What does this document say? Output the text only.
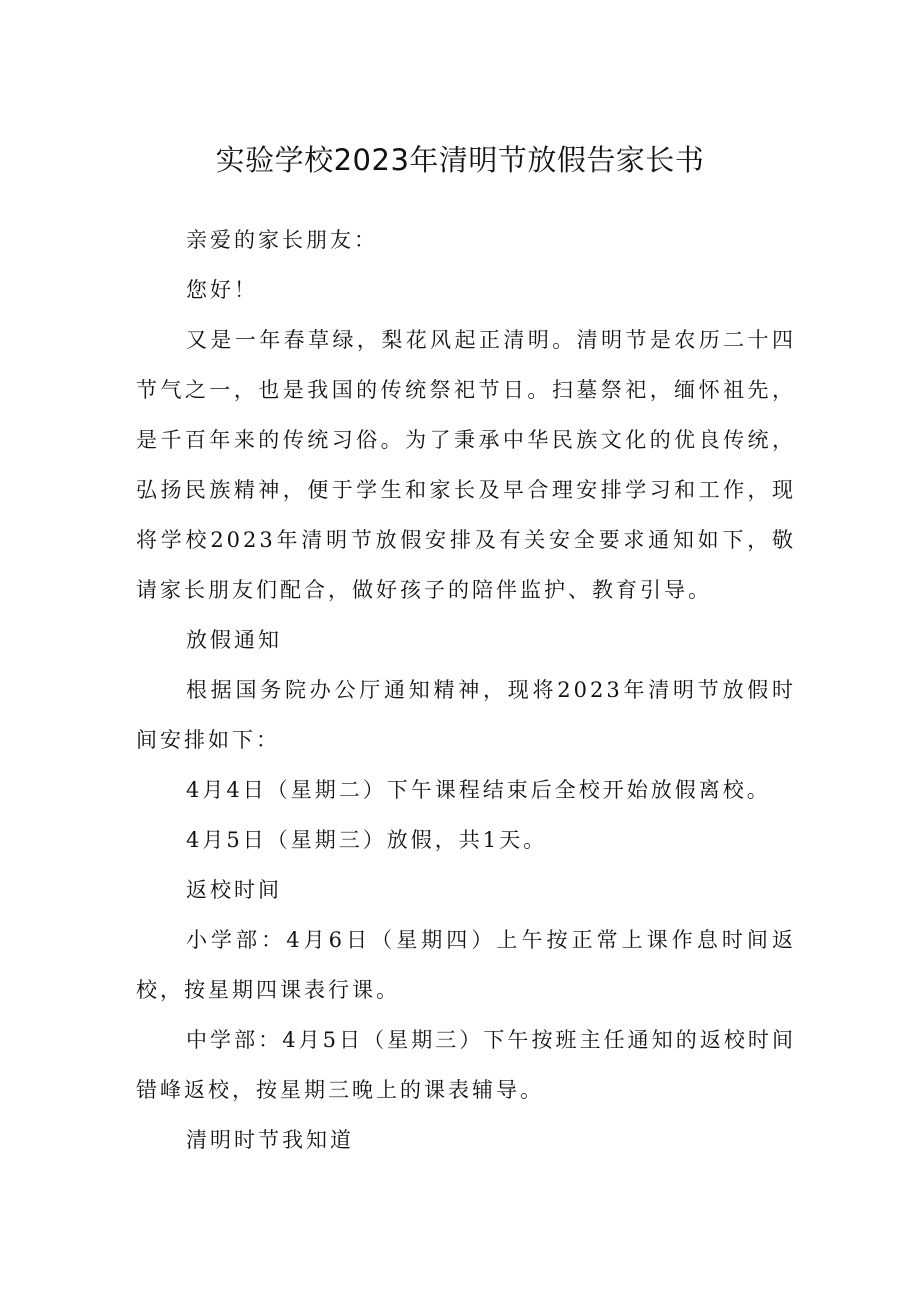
实验学校2023年清明节放假告家长书

亲爱的家长朋友：

您好！

又是一年春草绿，梨花风起正清明。清明节是农历二十四节气之一，也是我国的传统祭祀节日。扫墓祭祀，缅怀祖先，是千百年来的传统习俗。为了秉承中华民族文化的优良传统，弘扬民族精神，便于学生和家长及早合理安排学习和工作，现将学校2023年清明节放假安排及有关安全要求通知如下，敬请家长朋友们配合，做好孩子的陪伴监护、教育引导。

放假通知

根据国务院办公厅通知精神，现将2023年清明节放假时间安排如下：

4月4日（星期二）下午课程结束后全校开始放假离校。

4月5日（星期三）放假，共1天。

返校时间

小学部：4月6日（星期四）上午按正常上课作息时间返校，按星期四课表行课。

中学部：4月5日（星期三）下午按班主任通知的返校时间错峰返校，按星期三晚上的课表辅导。

清明时节我知道
